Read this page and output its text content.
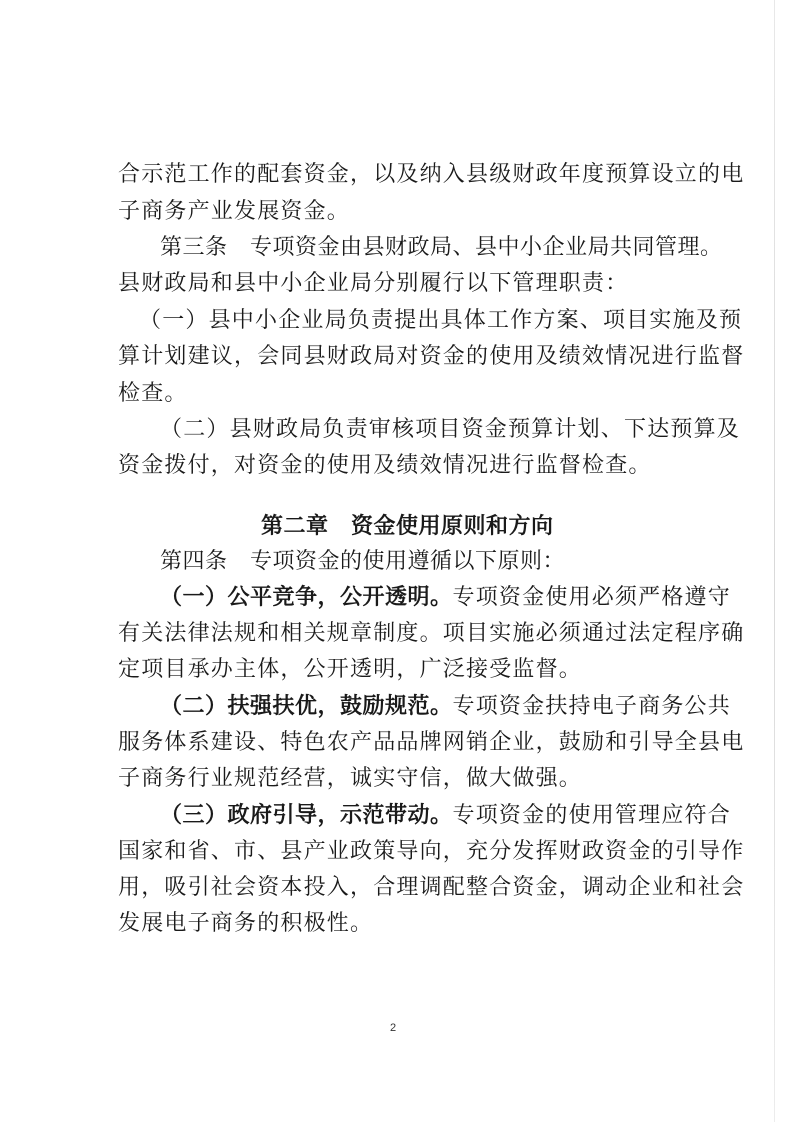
合示范工作的配套资金，以及纳入县级财政年度预算设立的电
子商务产业发展资金。
第三条　专项资金由县财政局、县中小企业局共同管理。
县财政局和县中小企业局分别履行以下管理职责：
（一）县中小企业局负责提出具体工作方案、项目实施及预
算计划建议，会同县财政局对资金的使用及绩效情况进行监督
检查。
（二）县财政局负责审核项目资金预算计划、下达预算及
资金拨付，对资金的使用及绩效情况进行监督检查。
第二章　资金使用原则和方向
第四条　专项资金的使用遵循以下原则：
（一）公平竞争，公开透明。专项资金使用必须严格遵守
有关法律法规和相关规章制度。项目实施必须通过法定程序确
定项目承办主体，公开透明，广泛接受监督。
（二）扶强扶优，鼓励规范。专项资金扶持电子商务公共
服务体系建设、特色农产品品牌网销企业，鼓励和引导全县电
子商务行业规范经营，诚实守信，做大做强。
（三）政府引导，示范带动。专项资金的使用管理应符合
国家和省、市、县产业政策导向，充分发挥财政资金的引导作
用，吸引社会资本投入，合理调配整合资金，调动企业和社会
发展电子商务的积极性。
2
